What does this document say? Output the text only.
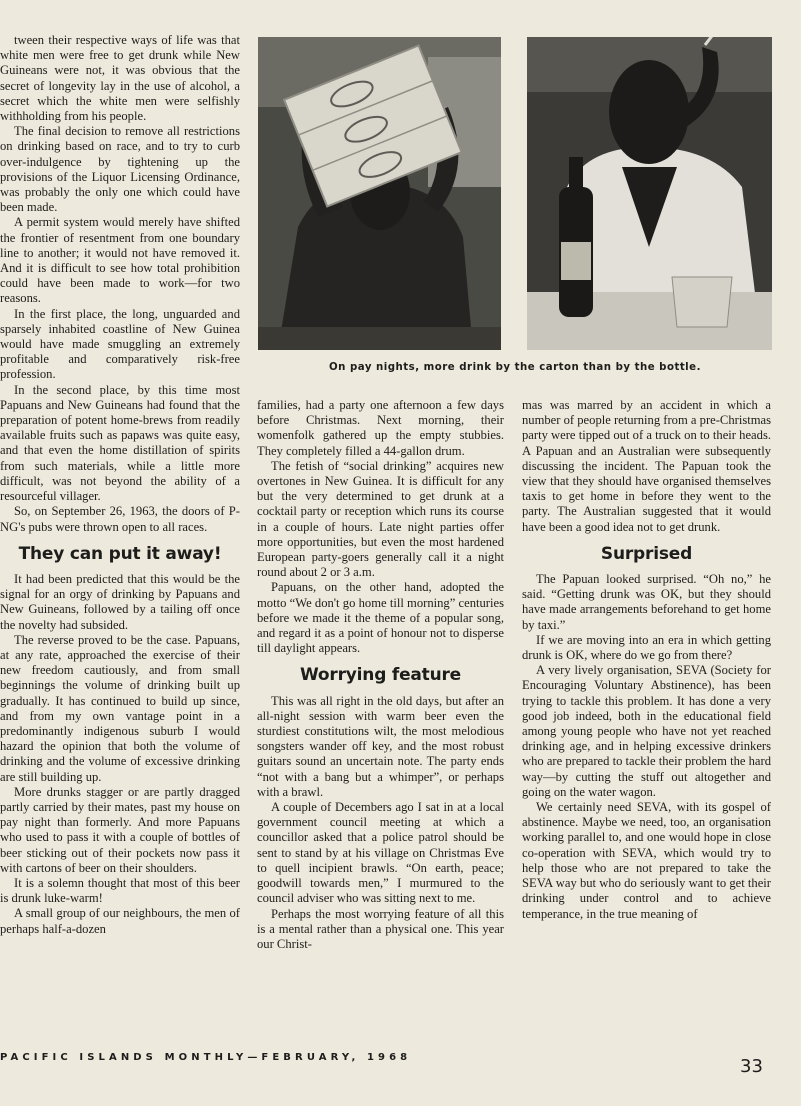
On pay nights, more drink by the carton than by the bottle.

tween their respective ways of life was that white men were free to get drunk while New Guineans were not, it was obvious that the secret of longevity lay in the use of alcohol, a secret which the white men were selfishly withholding from his people.

The final decision to remove all restrictions on drinking based on race, and to try to curb over-indulgence by tightening up the provisions of the Liquor Licensing Ordinance, was probably the only one which could have been made.

A permit system would merely have shifted the frontier of resentment from one boundary line to another; it would not have removed it. And it is difficult to see how total prohibition could have been made to work—for two reasons.

In the first place, the long, unguarded and sparsely inhabited coastline of New Guinea would have made smuggling an extremely profitable and comparatively risk-free profession.

In the second place, by this time most Papuans and New Guineans had found that the preparation of potent home-brews from readily available fruits such as papaws was quite easy, and that even the home distillation of spirits from such materials, while a little more difficult, was not beyond the ability of a resourceful villager.

So, on September 26, 1963, the doors of P-NG's pubs were thrown open to all races.

They can put it away!

It had been predicted that this would be the signal for an orgy of drinking by Papuans and New Guineans, followed by a tailing off once the novelty had subsided.

The reverse proved to be the case. Papuans, at any rate, approached the exercise of their new freedom cautiously, and from small beginnings the volume of drinking built up gradually. It has continued to build up since, and from my own vantage point in a predominantly indigenous suburb I would hazard the opinion that both the volume of drinking and the volume of excessive drinking are still building up.

More drunks stagger or are partly dragged partly carried by their mates, past my house on pay night than formerly. And more Papuans who used to pass it with a couple of bottles of beer sticking out of their pockets now pass it with cartons of beer on their shoulders.

It is a solemn thought that most of this beer is drunk luke-warm!

A small group of our neighbours, the men of perhaps half-a-dozen

families, had a party one afternoon a few days before Christmas. Next morning, their womenfolk gathered up the empty stubbies. They completely filled a 44-gallon drum.

The fetish of “social drinking” acquires new overtones in New Guinea. It is difficult for any but the very determined to get drunk at a cocktail party or reception which runs its course in a couple of hours. Late night parties offer more opportunities, but even the most hardened European party-goers generally call it a night round about 2 or 3 a.m.

Papuans, on the other hand, adopted the motto “We don't go home till morning” centuries before we made it the theme of a popular song, and regard it as a point of honour not to disperse till daylight appears.

Worrying feature

This was all right in the old days, but after an all-night session with warm beer even the sturdiest constitutions wilt, the most melodious songsters wander off key, and the most robust guitars sound an uncertain note. The party ends “not with a bang but a whimper”, or perhaps with a brawl.

A couple of Decembers ago I sat in at a local government council meeting at which a councillor asked that a police patrol should be sent to stand by at his village on Christmas Eve to quell incipient brawls. “On earth, peace; goodwill towards men,” I murmured to the council adviser who was sitting next to me.

Perhaps the most worrying feature of all this is a mental rather than a physical one. This year our Christ-

mas was marred by an accident in which a number of people returning from a pre-Christmas party were tipped out of a truck on to their heads. A Papuan and an Australian were subsequently discussing the incident. The Papuan took the view that they should have organised themselves taxis to get home in before they went to the party. The Australian suggested that it would have been a good idea not to get drunk.

Surprised

The Papuan looked surprised. “Oh no,” he said. “Getting drunk was OK, but they should have made arrangements beforehand to get home by taxi.”

If we are moving into an era in which getting drunk is OK, where do we go from there?

A very lively organisation, SEVA (Society for Encouraging Voluntary Abstinence), has been trying to tackle this problem. It has done a very good job indeed, both in the educational field among young people who have not yet reached drinking age, and in helping excessive drinkers who are prepared to tackle their problem the hard way—by cutting the stuff out altogether and going on the water wagon.

We certainly need SEVA, with its gospel of abstinence. Maybe we need, too, an organisation working parallel to, and one would hope in close co-operation with SEVA, which would try to help those who are not prepared to take the SEVA way but who do seriously want to get their drinking under control and to achieve temperance, in the true meaning of

PACIFIC ISLANDS MONTHLY—FEBRUARY, 1968	33
